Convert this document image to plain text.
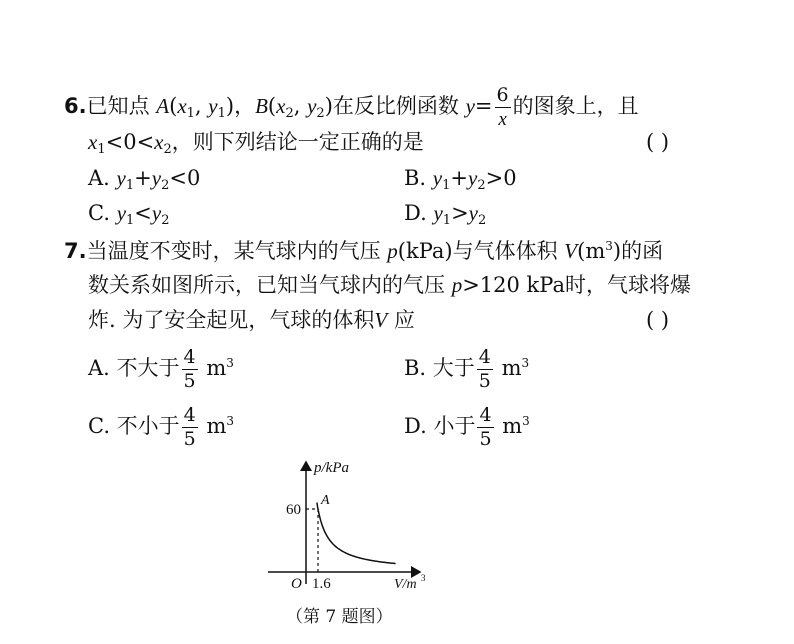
6.已知点 $A(x_1$, $y_1$)，$B(x_2$, $y_2$)在反比例函数 $y= \frac{6}{x}$ 的图象上，且
$x_1<0<x_2$，则下列结论一定正确的是	( )
A. $y_1+y_2<0$	B. $y_1+y_2>0$
C. $y_1<y_2$	D. $y_1>y_2$
7.当温度不变时，某气球内的气压 p(kPa)与气体体积 $V(m^3)$的函
数关系如图所示，已知当气球内的气压 p>120 kPa时，气球将爆
炸. 为了安全起见，气球的体积V 应	( )
A. 不大于 $\frac{4}{5} m^3$	B. 大于 $\frac{4}{5} m^3$
C. 不小于 $\frac{4}{5} m^3$	D. 小于 $\frac{4}{5} m^3$
p/kPa
60
A
O 1.6	V/m 3
（第 7 题图）
